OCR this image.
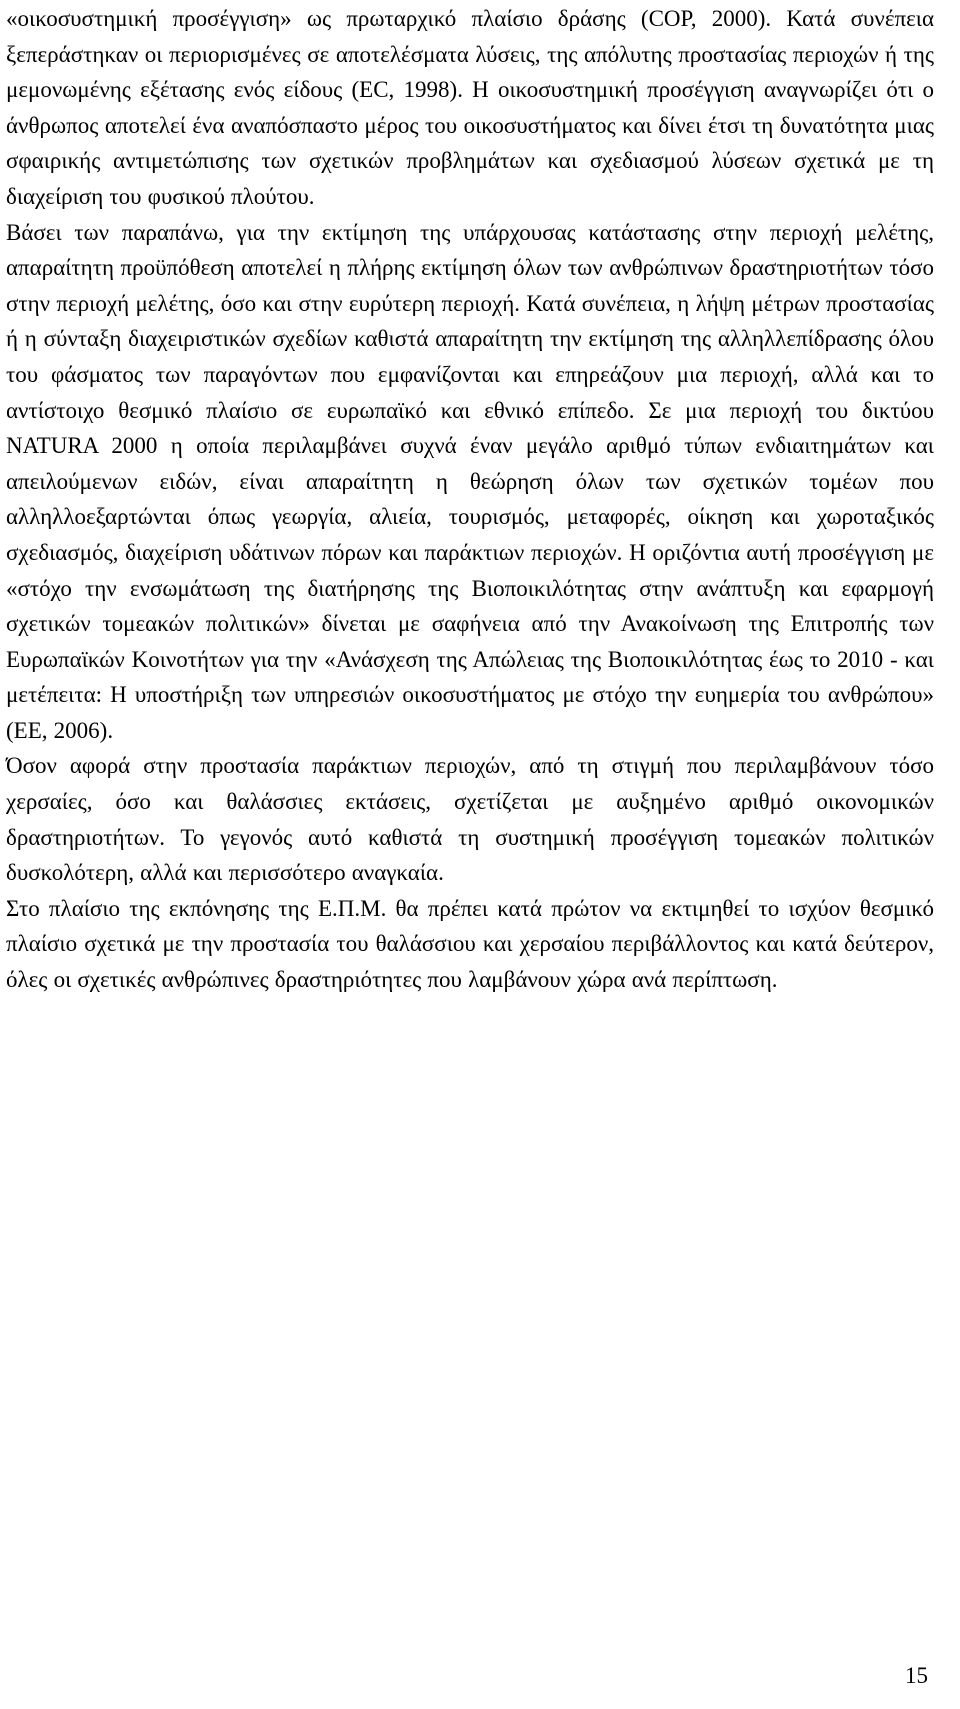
«οικοσυστημική προσέγγιση» ως πρωταρχικό πλαίσιο δράσης (COP, 2000). Κατά συνέπεια ξεπεράστηκαν οι περιορισμένες σε αποτελέσματα λύσεις, της απόλυτης προστασίας περιοχών ή της μεμονωμένης εξέτασης ενός είδους (EC, 1998). Η οικοσυστημική προσέγγιση αναγνωρίζει ότι ο άνθρωπος αποτελεί ένα αναπόσπαστο μέρος του οικοσυστήματος και δίνει έτσι τη δυνατότητα μιας σφαιρικής αντιμετώπισης των σχετικών προβλημάτων και σχεδιασμού λύσεων σχετικά με τη διαχείριση του φυσικού πλούτου.

Βάσει των παραπάνω, για την εκτίμηση της υπάρχουσας κατάστασης στην περιοχή μελέτης, απαραίτητη προϋπόθεση αποτελεί η πλήρης εκτίμηση όλων των ανθρώπινων δραστηριοτήτων τόσο στην περιοχή μελέτης, όσο και στην ευρύτερη περιοχή. Κατά συνέπεια, η λήψη μέτρων προστασίας ή η σύνταξη διαχειριστικών σχεδίων καθιστά απαραίτητη την εκτίμηση της αλληλλεπίδρασης όλου του φάσματος των παραγόντων που εμφανίζονται και επηρεάζουν μια περιοχή, αλλά και το αντίστοιχο θεσμικό πλαίσιο σε ευρωπαϊκό και εθνικό επίπεδο. Σε μια περιοχή του δικτύου NATURA 2000 η οποία περιλαμβάνει συχνά έναν μεγάλο αριθμό τύπων ενδιαιτημάτων και απειλούμενων ειδών, είναι απαραίτητη η θεώρηση όλων των σχετικών τομέων που αλληλλοεξαρτώνται όπως γεωργία, αλιεία, τουρισμός, μεταφορές, οίκηση και χωροταξικός σχεδιασμός, διαχείριση υδάτινων πόρων και παράκτιων περιοχών. Η οριζόντια αυτή προσέγγιση με «στόχο την ενσωμάτωση της διατήρησης της Βιοποικιλότητας στην ανάπτυξη και εφαρμογή σχετικών τομεακών πολιτικών» δίνεται με σαφήνεια από την Ανακοίνωση της Επιτροπής των Ευρωπαϊκών Κοινοτήτων για την «Ανάσχεση της Απώλειας της Βιοποικιλότητας έως το 2010 - και μετέπειτα: Η υποστήριξη των υπηρεσιών οικοσυστήματος με στόχο την ευημερία του ανθρώπου» (ΕΕ, 2006).

Όσον αφορά στην προστασία παράκτιων περιοχών, από τη στιγμή που περιλαμβάνουν τόσο χερσαίες, όσο και θαλάσσιες εκτάσεις, σχετίζεται με αυξημένο αριθμό οικονομικών δραστηριοτήτων. Το γεγονός αυτό καθιστά τη συστημική προσέγγιση τομεακών πολιτικών δυσκολότερη, αλλά και περισσότερο αναγκαία.

Στο πλαίσιο της εκπόνησης της Ε.Π.Μ. θα πρέπει κατά πρώτον να εκτιμηθεί το ισχύον θεσμικό πλαίσιο σχετικά με την προστασία του θαλάσσιου και χερσαίου περιβάλλοντος και κατά δεύτερον, όλες οι σχετικές ανθρώπινες δραστηριότητες που λαμβάνουν χώρα ανά περίπτωση.

15
